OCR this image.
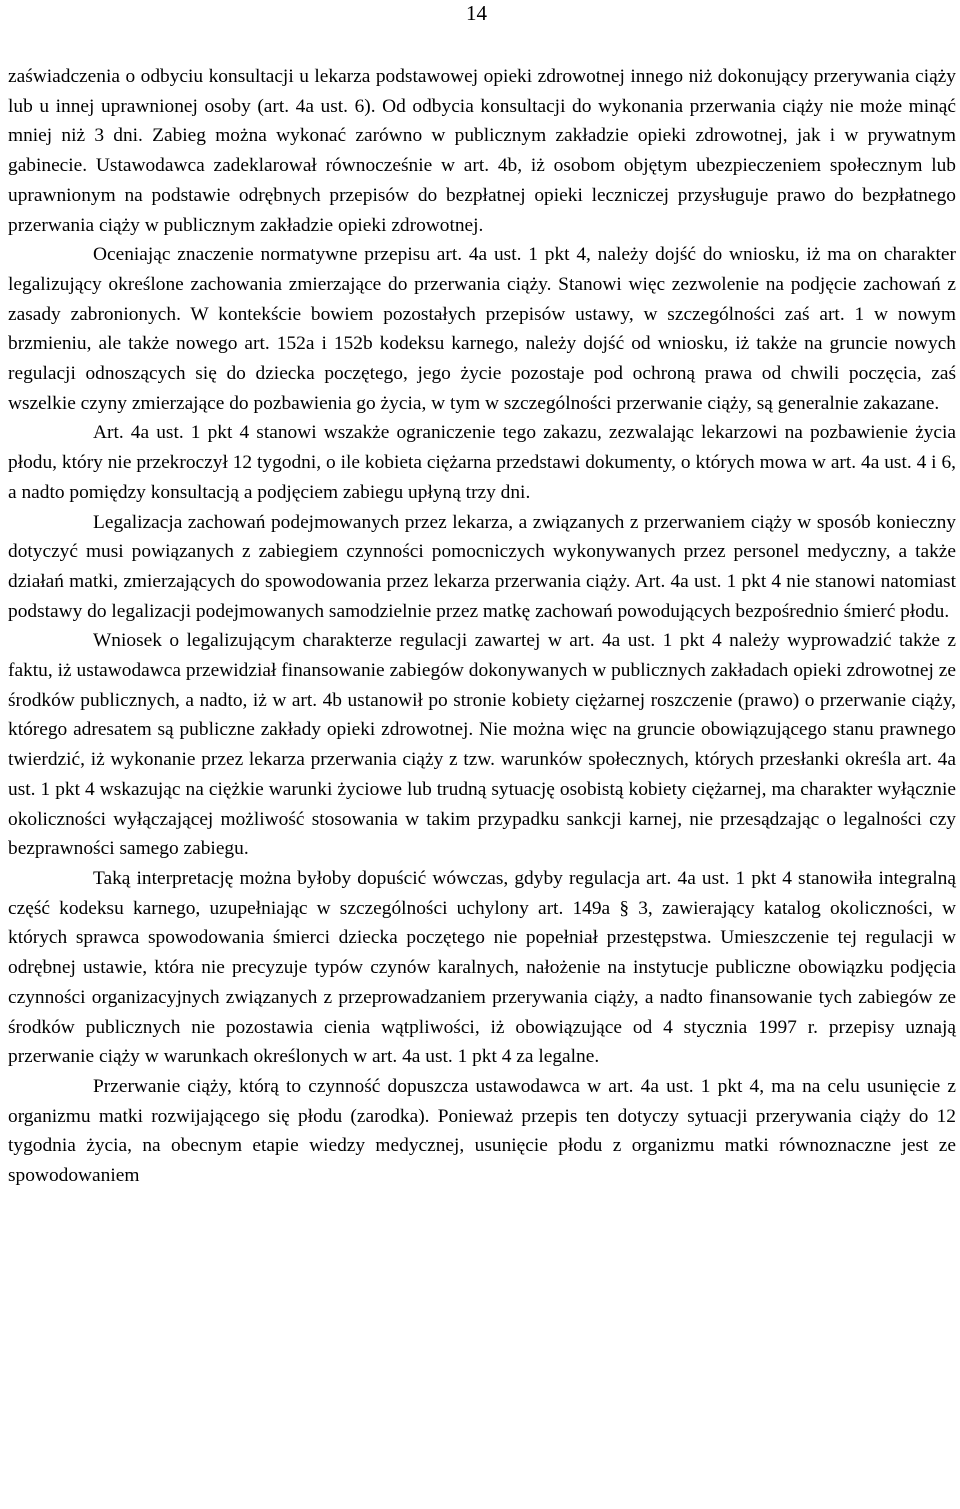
14

zaświadczenia o odbyciu konsultacji u lekarza podstawowej opieki zdrowotnej innego niż dokonujący przerywania ciąży lub u innej uprawnionej osoby (art. 4a ust. 6). Od odbycia konsultacji do wykonania przerwania ciąży nie może minąć mniej niż 3 dni. Zabieg można wykonać zarówno w publicznym zakładzie opieki zdrowotnej, jak i w prywatnym gabinecie. Ustawodawca zadeklarował równocześnie w art. 4b, iż osobom objętym ubezpieczeniem społecznym lub uprawnionym na podstawie odrębnych przepisów do bezpłatnej opieki leczniczej przysługuje prawo do bezpłatnego przerwania ciąży w publicznym zakładzie opieki zdrowotnej.

Oceniając znaczenie normatywne przepisu art. 4a ust. 1 pkt 4, należy dojść do wniosku, iż ma on charakter legalizujący określone zachowania zmierzające do przerwania ciąży. Stanowi więc zezwolenie na podjęcie zachowań z zasady zabronionych. W kontekście bowiem pozostałych przepisów ustawy, w szczególności zaś art. 1 w nowym brzmieniu, ale także nowego art. 152a i 152b kodeksu karnego, należy dojść od wniosku, iż także na gruncie nowych regulacji odnoszących się do dziecka poczętego, jego życie pozostaje pod ochroną prawa od chwili poczęcia, zaś wszelkie czyny zmierzające do pozbawienia go życia, w tym w szczególności przerwanie ciąży, są generalnie zakazane.

Art. 4a ust. 1 pkt 4 stanowi wszakże ograniczenie tego zakazu, zezwalając lekarzowi na pozbawienie życia płodu, który nie przekroczył 12 tygodni, o ile kobieta ciężarna przedstawi dokumenty, o których mowa w art. 4a ust. 4 i 6, a nadto pomiędzy konsultacją a podjęciem zabiegu upłyną trzy dni.

Legalizacja zachowań podejmowanych przez lekarza, a związanych z przerwaniem ciąży w sposób konieczny dotyczyć musi powiązanych z zabiegiem czynności pomocniczych wykonywanych przez personel medyczny, a także działań matki, zmierzających do spowodowania przez lekarza przerwania ciąży. Art. 4a ust. 1 pkt 4 nie stanowi natomiast podstawy do legalizacji podejmowanych samodzielnie przez matkę zachowań powodujących bezpośrednio śmierć płodu.

Wniosek o legalizującym charakterze regulacji zawartej w art. 4a ust. 1 pkt 4 należy wyprowadzić także z faktu, iż ustawodawca przewidział finansowanie zabiegów dokonywanych w publicznych zakładach opieki zdrowotnej ze środków publicznych, a nadto, iż w art. 4b ustanowił po stronie kobiety ciężarnej roszczenie (prawo) o przerwanie ciąży, którego adresatem są publiczne zakłady opieki zdrowotnej. Nie można więc na gruncie obowiązującego stanu prawnego twierdzić, iż wykonanie przez lekarza przerwania ciąży z tzw. warunków społecznych, których przesłanki określa art. 4a ust. 1 pkt 4 wskazując na ciężkie warunki życiowe lub trudną sytuację osobistą kobiety ciężarnej, ma charakter wyłącznie okoliczności wyłączającej możliwość stosowania w takim przypadku sankcji karnej, nie przesądzając o legalności czy bezprawności samego zabiegu.

Taką interpretację można byłoby dopuścić wówczas, gdyby regulacja art. 4a ust. 1 pkt 4 stanowiła integralną część kodeksu karnego, uzupełniając w szczególności uchylony art. 149a § 3, zawierający katalog okoliczności, w których sprawca spowodowania śmierci dziecka poczętego nie popełniał przestępstwa. Umieszczenie tej regulacji w odrębnej ustawie, która nie precyzuje typów czynów karalnych, nałożenie na instytucje publiczne obowiązku podjęcia czynności organizacyjnych związanych z przeprowadzaniem przerywania ciąży, a nadto finansowanie tych zabiegów ze środków publicznych nie pozostawia cienia wątpliwości, iż obowiązujące od 4 stycznia 1997 r. przepisy uznają przerwanie ciąży w warunkach określonych w art. 4a ust. 1 pkt 4 za legalne.

Przerwanie ciąży, którą to czynność dopuszcza ustawodawca w art. 4a ust. 1 pkt 4, ma na celu usunięcie z organizmu matki rozwijającego się płodu (zarodka). Ponieważ przepis ten dotyczy sytuacji przerywania ciąży do 12 tygodnia życia, na obecnym etapie wiedzy medycznej, usunięcie płodu z organizmu matki równoznaczne jest ze spowodowaniem
